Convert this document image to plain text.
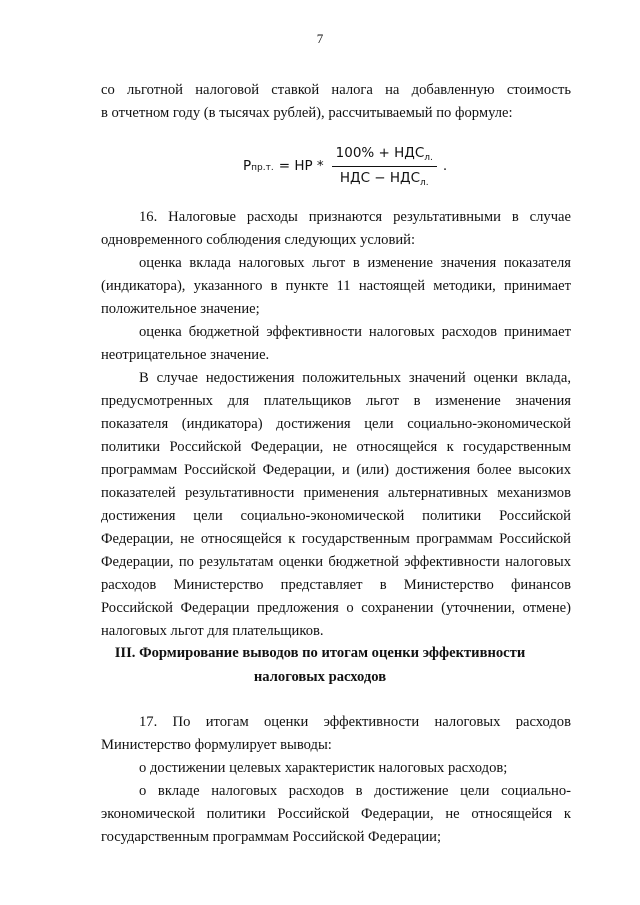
7

со льготной налоговой ставкой налога на добавленную стоимость

в отчетном году (в тысячах рублей), рассчитываемый по формуле:

Р пр.т. = НР * $\frac{100\% + НДС_{л.}}{НДС - НДС_{л.}}$ .

16. Налоговые расходы признаются результативными в случае одновременного соблюдения следующих условий:

оценка вклада налоговых льгот в изменение значения показателя (индикатора), указанного в пункте 11 настоящей методики, принимает положительное значение;

оценка бюджетной эффективности налоговых расходов принимает неотрицательное значение.

В случае недостижения положительных значений оценки вклада, предусмотренных для плательщиков льгот в изменение значения показателя (индикатора) достижения цели социально-экономической политики Российской Федерации, не относящейся к государственным программам Российской Федерации, и (или) достижения более высоких показателей результативности применения альтернативных механизмов достижения цели социально-экономической политики Российской Федерации, не относящейся к государственным программам Российской Федерации, по результатам оценки бюджетной эффективности налоговых расходов Министерство представляет в Министерство финансов Российской Федерации предложения о сохранении (уточнении, отмене) налоговых льгот для плательщиков.

III. Формирование выводов по итогам оценки эффективности
налоговых расходов

17. По итогам оценки эффективности налоговых расходов Министерство формулирует выводы:

о достижении целевых характеристик налоговых расходов;

о вкладе налоговых расходов в достижение цели социально-экономической политики Российской Федерации, не относящейся к государственным программам Российской Федерации;
